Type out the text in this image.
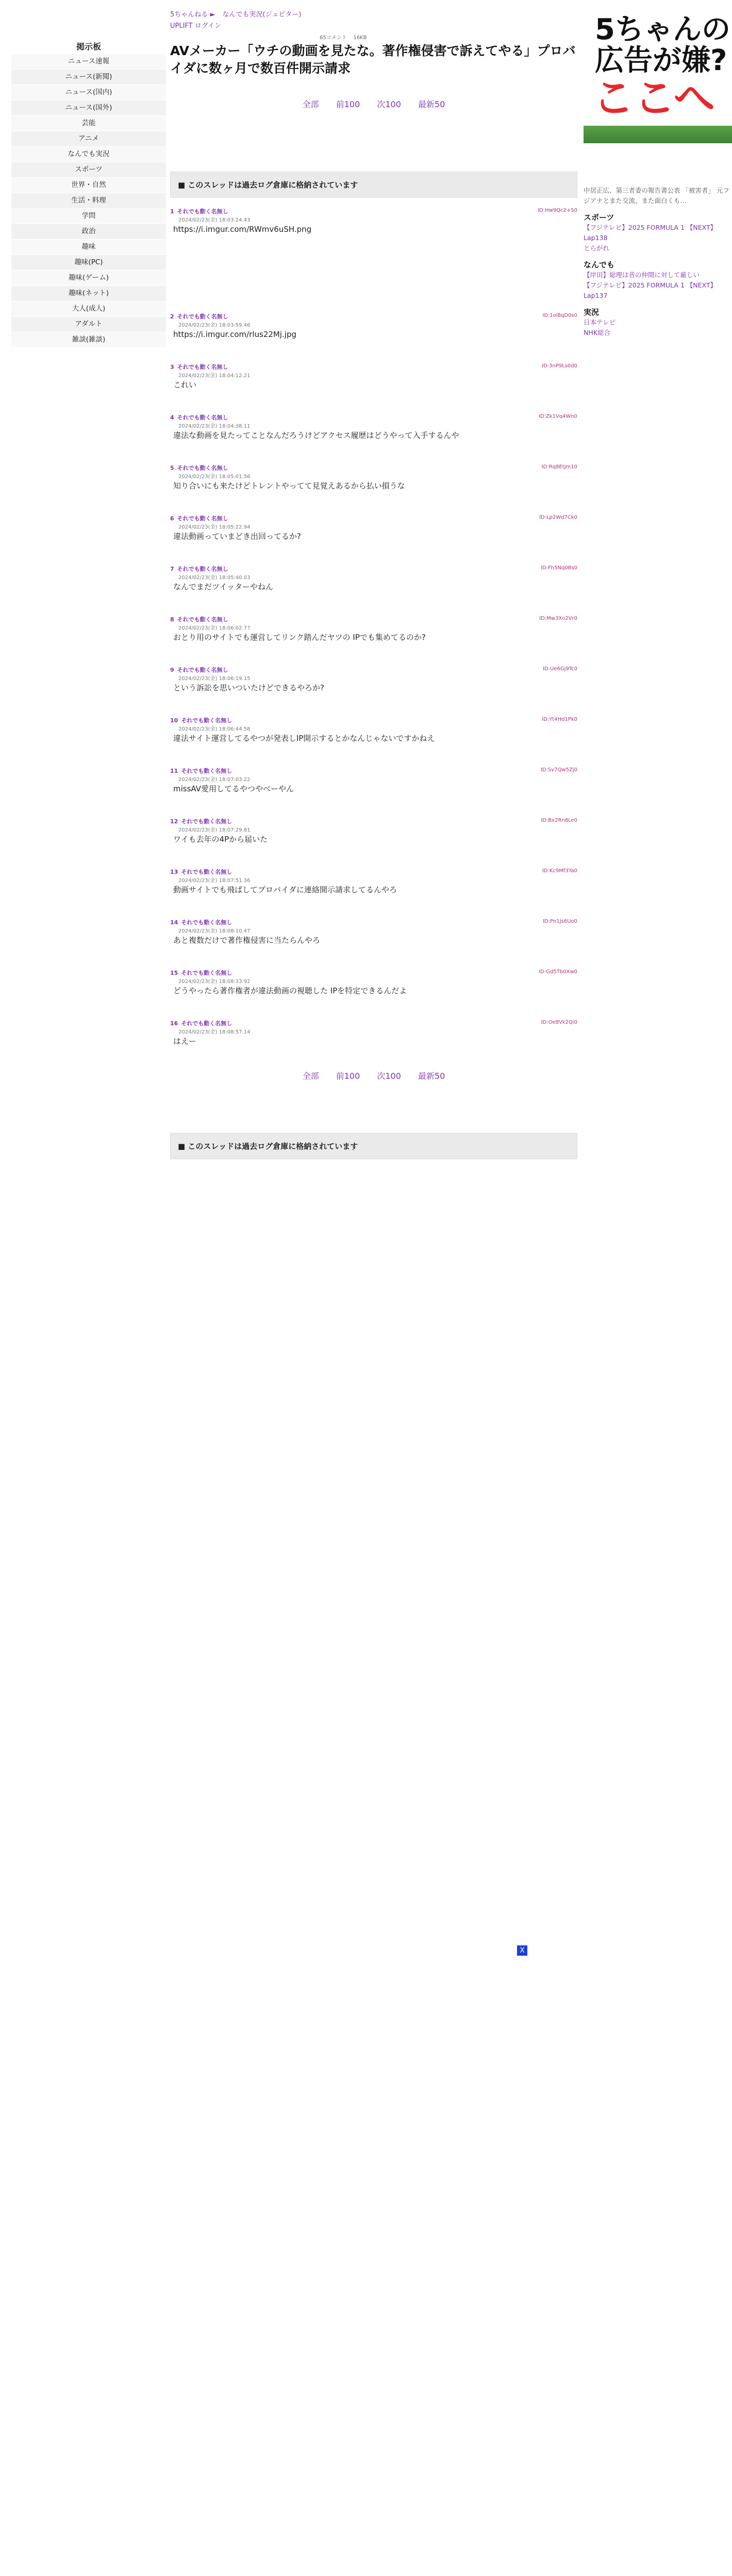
5ちゃんねる ► なんでも実況(ジュピター)
UPLIFT ログイン
65コメント 16KB
掲示板
ニュース速報
ニュース(新聞)
ニュース(国内)
ニュース(国外)
芸能
アニメ
なんでも実況
スポーツ
世界・自然
生活・料理
学問
政治
趣味
趣味(PC)
趣味(ゲーム)
趣味(ネット)
大人(成人)
アダルト
雑談(雑談)
AVメーカー「ウチの動画を見たな。著作権侵害で訴えてやる」プロバイダに数ヶ月で数百件開示請求
全部 前100 次100 最新50
■ このスレッドは過去ログ倉庫に格納されています
1 それでも動く名無し
2024/02/23(金) 18:03:24.43
ID:Hw9Qc2+S0
https://i.imgur.com/RWmv6uSH.png
2 それでも動く名無し
2024/02/23(金) 18:03:59.46
ID:1ol8qD0s0
https://i.imgur.com/rlus22Mj.jpg
3 それでも動く名無し
2024/02/23(金) 18:04:12.21
ID:3nP9Ls0d0
これい
4 それでも動く名無し
2024/02/23(金) 18:04:38.11
ID:Zk1Vq4Wn0
違法な動画を見たってことなんだろうけどアクセス履歴はどうやって入手するんや
5 それでも動く名無し
2024/02/23(金) 18:05:01.56
ID:Rq8EtJm10
知り合いにも来たけどトレントやってて見覚えあるから払い損うな
6 それでも動く名無し
2024/02/23(金) 18:05:22.94
ID:Lp2Wd7Ck0
違法動画っていまどき出回ってるか?
7 それでも動く名無し
2024/02/23(金) 18:05:40.03
ID:Fh5Nq0Bs0
なんでまだツイッターやねん
8 それでも動く名無し
2024/02/23(金) 18:06:02.77
ID:Mw3Xo2Vr0
おとり用のサイトでも運営してリンク踏んだヤツの IPでも集めてるのか?
9 それでも動く名無し
2024/02/23(金) 18:06:19.15
ID:Ue6Gj9Tc0
という訴訟を思いついたけどできるやろか?
10 それでも動く名無し
2024/02/23(金) 18:06:44.58
ID:Yt4Hd1Pk0
違法サイト運営してるやつが発表しIP開示するとかなんじゃないですかねえ
11 それでも動く名無し
2024/02/23(金) 18:07:03.22
ID:Sv7Qw5Zj0
missAV愛用してるやつやべーやん
12 それでも動く名無し
2024/02/23(金) 18:07:29.81
ID:Bx2Rn8Le0
ワイも去年の4Pから届いた
13 それでも動く名無し
2024/02/23(金) 18:07:51.36
ID:Kc9Mf3Ya0
動画サイトでも飛ばしてプロバイダに連絡開示請求してるんやろ
14 それでも動く名無し
2024/02/23(金) 18:08:10.47
ID:Pn1Js6Uo0
あと複数だけで著作権侵害に当たらんやろ
15 それでも動く名無し
2024/02/23(金) 18:08:33.92
ID:Gd5Tb0Xw0
どうやったら著作権者が違法動画の視聴した IPを特定できるんだよ
16 それでも動く名無し
2024/02/23(金) 18:08:57.14
ID:Oe8Vk2Qi0
はえー
全部 前100 次100 最新50
■ このスレッドは過去ログ倉庫に格納されています
5ちゃんの
広告が嫌?
ここへ
中居正広、第三者委の報告書公表 「被害者」 元フジアナとまた交流、また面白くも…
スポーツ
【フジテレビ】2025 FORMULA 1 【NEXT】Lap138
とらがれ
なんでも
【岸田】総理は昔の仲間に対して厳しい
【フジテレビ】2025 FORMULA 1 【NEXT】Lap137
実況
日本テレビ
NHK総合
X
